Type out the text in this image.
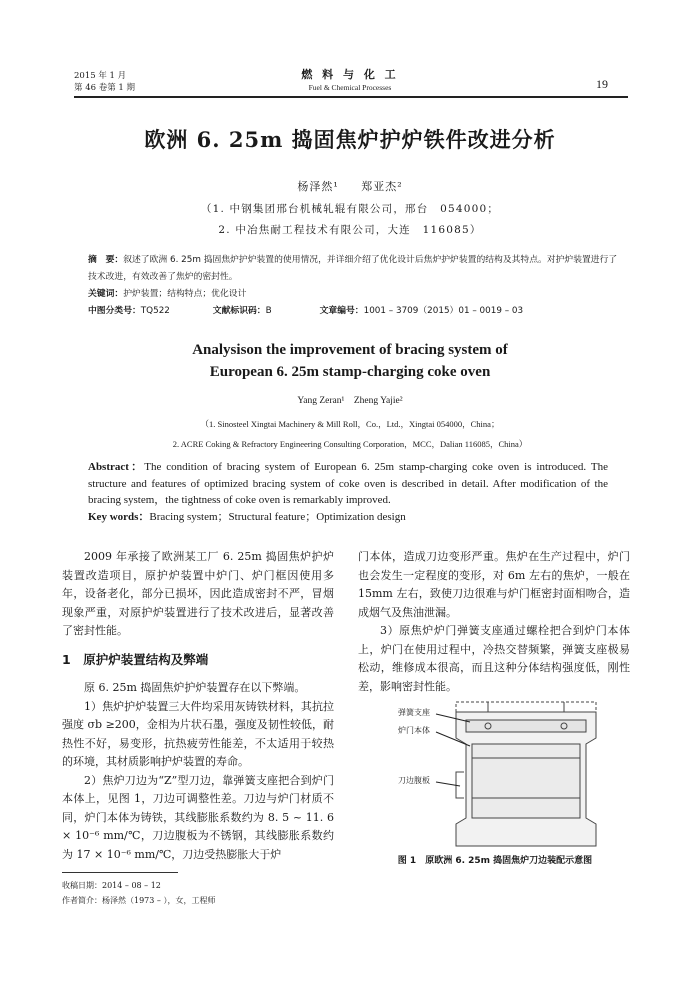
2015 年 1 月
第 46 卷第 1 期
燃 料 与 化 工
Fuel & Chemical Processes	19
欧洲 6. 25m 捣固焦炉护炉铁件改进分析
杨泽然¹ 郑亚杰²
（1. 中钢集团邢台机械轧辊有限公司，邢台　054000；
2. 中冶焦耐工程技术有限公司，大连　116085）
摘　要：叙述了欧洲 6. 25m 捣固焦炉护炉装置的使用情况，并详细介绍了优化设计后焦炉护炉装置的结构及其特点。对护炉装置进行了技术改进，有效改善了焦炉的密封性。
关键词：护炉装置；结构特点；优化设计
中图分类号：TQ522	文献标识码：B	文章编号：1001 – 3709（2015）01 – 0019 – 03
Analysison the improvement of bracing system of
European 6. 25m stamp-charging coke oven
Yang Zeran¹ Zheng Yajie²
（1. Sinosteel Xingtai Machinery & Mill Roll，Co.，Ltd.，Xingtai 054000，China；
2. ACRE Coking & Refractory Engineering Consulting Corporation，MCC，Dalian 116085，China）
Abstract：The condition of bracing system of European 6. 25m stamp-charging coke oven is introduced. The structure and features of optimized bracing system of coke oven is described in detail. After modification of the bracing system，the tightness of coke oven is remarkably improved.
Key words：Bracing system；Structural feature；Optimization design

2009 年承接了欧洲某工厂 6. 25m 捣固焦炉护炉装置改造项目，原护炉装置中炉门、炉门框因使用多年，设备老化，部分已损坏，因此造成密封不严，冒烟现象严重，对原护炉装置进行了技术改进后，显著改善了密封性能。

1　原护炉装置结构及弊端

原 6. 25m 捣固焦炉护炉装置存在以下弊端。

1）焦炉护炉装置三大件均采用灰铸铁材料，其抗拉强度 σb ≥200，金相为片状石墨，强度及韧性较低，耐热性不好，易变形，抗热疲劳性能差，不太适用于较热的环境，其材质影响护炉装置的寿命。

2）焦炉刀边为“Z”型刀边，靠弹簧支座把合到炉门本体上，见图 1，刀边可调整性差。刀边与炉门材质不同，炉门本体为铸铁，其线膨胀系数约为 8. 5 ~ 11. 6 × 10⁻⁶ mm/℃，刀边腹板为不锈钢，其线膨胀系数约为 17 × 10⁻⁶ mm/℃，刀边受热膨胀大于炉

门本体，造成刀边变形严重。焦炉在生产过程中，炉门也会发生一定程度的变形，对 6m 左右的焦炉，一般在 15mm 左右，致使刀边很难与炉门框密封面相吻合，造成烟气及焦油泄漏。

3）原焦炉炉门弹簧支座通过螺栓把合到炉门本体上，炉门在使用过程中，冷热交替频繁，弹簧支座极易松动，维修成本很高，而且这种分体结构强度低，刚性差，影响密封性能。

弹簧支座
炉门本体
刀边腹板
图 1　原欧洲 6. 25m 捣固焦炉刀边装配示意图
收稿日期：2014 – 08 – 12
作者简介：杨泽然（1973 – ），女，工程师
